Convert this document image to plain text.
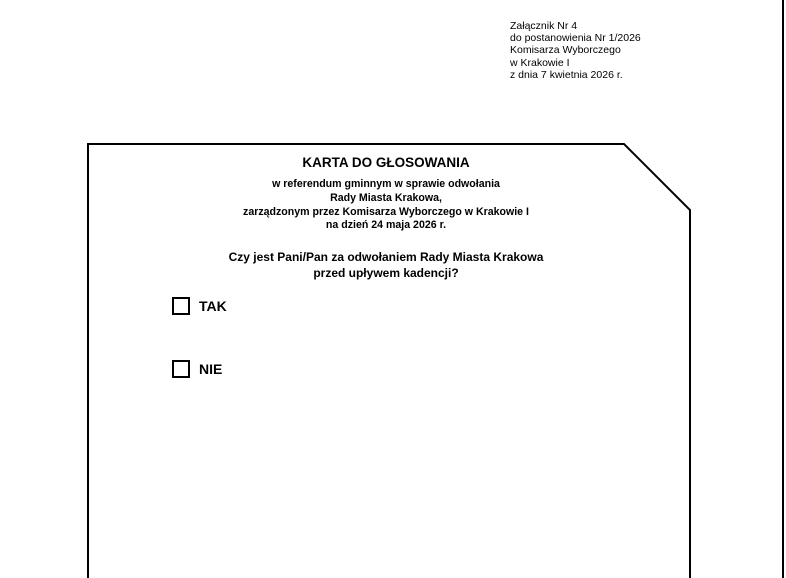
Załącznik Nr 4
do postanowienia Nr 1/2026
Komisarza Wyborczego
w Krakowie I
z dnia 7 kwietnia 2026 r.
KARTA DO GŁOSOWANIA
w referendum gminnym w sprawie odwołania
Rady Miasta Krakowa,
zarządzonym przez Komisarza Wyborczego w Krakowie I
na dzień 24 maja 2026 r.
Czy jest Pani/Pan za odwołaniem Rady Miasta Krakowa
przed upływem kadencji?
TAK
NIE
